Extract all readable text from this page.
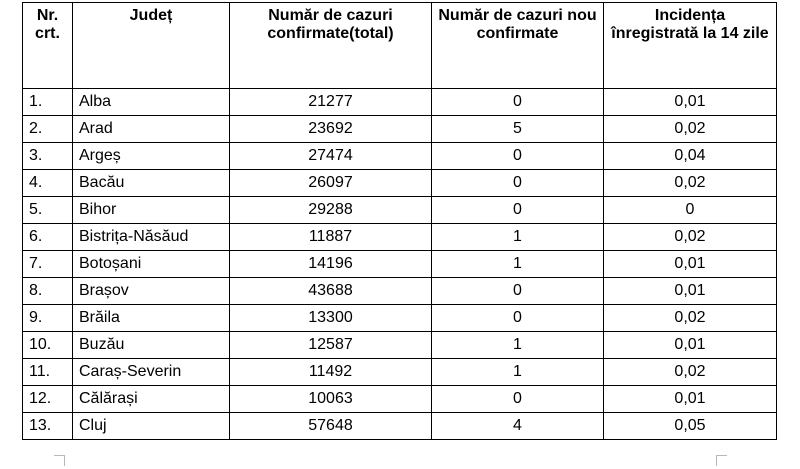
Nr.
crt.	Județ	Număr de cazuri confirmate(total)	Număr de cazuri nou confirmate	Incidența înregistrată la 14 zile
1.	Alba	21277	0	0,01
2.	Arad	23692	5	0,02
3.	Argeș	27474	0	0,04
4.	Bacău	26097	0	0,02
5.	Bihor	29288	0	0
6.	Bistrița-Năsăud	11887	1	0,02
7.	Botoșani	14196	1	0,01
8.	Brașov	43688	0	0,01
9.	Brăila	13300	0	0,02
10.	Buzău	12587	1	0,01
11.	Caraș-Severin	11492	1	0,02
12.	Călărași	10063	0	0,01
13.	Cluj	57648	4	0,05
